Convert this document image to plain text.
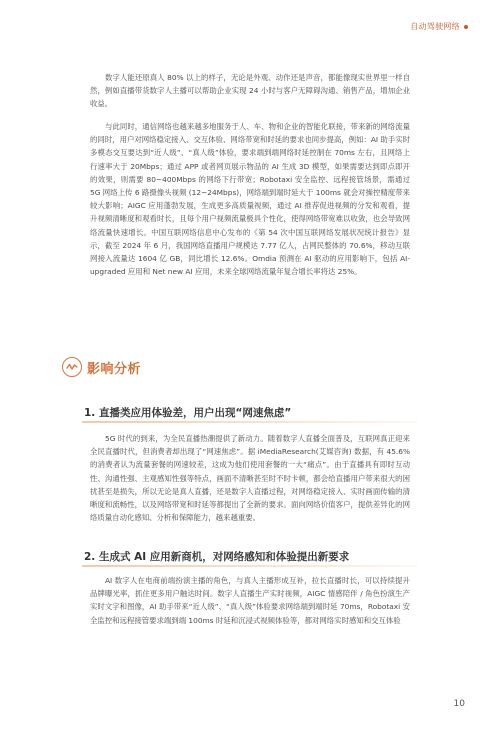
自动驾驶网络

数字人能还原真人 80% 以上的样子，无论是外观、动作还是声音，都能像现实世界里一样自然，例如直播带货数字人主播可以帮助企业实现 24 小时与客户无障碍沟通、销售产品，增加企业收益。

与此同时，通信网络也越来越多地服务于人、车、物和企业的智能化联接，带来新的网络流量的同时，用户对网络稳定接入、交互体验、网络带宽和时延的要求也同步提高，例如：AI 助手实时多模态交互要达到“近人级”、“真人级”体验，要求端到端网络时延控制在 70ms 左右，且网络上行速率大于 20Mbps；通过 APP 或者网页展示物品的 AI 生成 3D 模型，如果需要达到即点即开的效果，则需要 80~400Mbps 的网络下行带宽；Robotaxi 安全监控、远程接管场景，需通过 5G 网络上传 6 路摄像头视频 (12~24Mbps)，网络端到端时延大于 100ms 就会对操控精度带来较大影响；AIGC 应用蓬勃发展，生成更多高质量视频，通过 AI 推荐促进视频的分发和观看，提升视频清晰度和观看时长，且每个用户视频流量极具个性化，使得网络带宽难以收敛，也会导致网络流量快速增长。中国互联网络信息中心发布的《第 54 次中国互联网络发展状况统计报告》显示，截至 2024 年 6 月，我国网络直播用户规模达 7.77 亿人，占网民整体的 70.6%，移动互联网接入流量达 1604 亿 GB，同比增长 12.6%。Omdia 预测在 AI 驱动的应用影响下，包括 AI-upgraded 应用和 Net new AI 应用，未来全球网络流量年复合增长率将达 25%。

影响分析
1. 直播类应用体验差，用户出现“网速焦虑”

5G 时代的到来，为全民直播热潮提供了新动力。随着数字人直播全面普及，互联网真正迎来全民直播时代，但消费者却出现了“网速焦虑”。据 iMediaResearch(艾媒咨询) 数据，有 45.6% 的消费者认为流量套餐的网速较差，这成为他们使用套餐的一大“痛点”。由于直播具有即时互动性、沟通性强、主观感知性强等特点，画面不清晰甚至时不时卡顿，都会给直播用户带来很大的困扰甚至是损失，所以无论是真人直播，还是数字人直播过程，对网络稳定接入、实时画面传输的清晰度和流畅性，以及网络带宽和时延等都提出了全新的要求。面向网络价值客户，提供差异化的网络质量自动化感知、分析和保障能力，越来越重要。

2. 生成式 AI 应用新商机，对网络感知和体验提出新要求

AI 数字人在电商前端扮演主播的角色，与真人主播形成互补，拉长直播时长，可以持续提升品牌曝光率，抓住更多用户触达时间。数字人直播生产实时视频，AIGC 情感陪伴 / 角色扮演生产实时文字和图像，AI 助手带来“近人级”、“真人级”体验要求网络端到端时延 70ms，Robotaxi 安全监控和远程接管要求端到端 100ms 时延和沉浸式视频体验等，都对网络实时感知和交互体验

10
